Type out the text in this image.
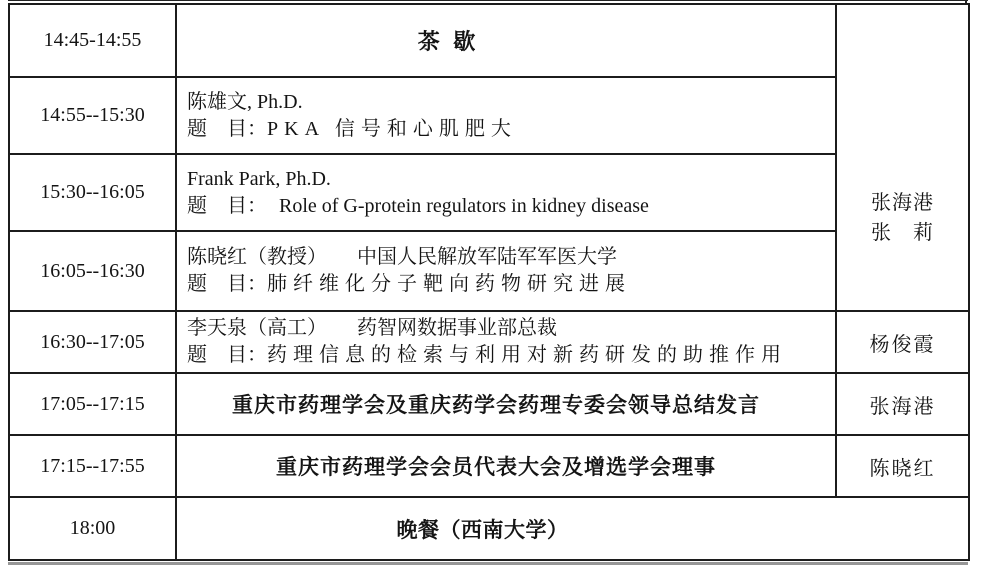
14:45-14:55	茶 歇	张海港
张　莉

14:55--15:30	陈雄文, Ph.D.
题　目：PKA 信号和心肌肥大	

15:30--16:05	Frank Park, Ph.D.
题　目： Role of G-protein regulators in kidney disease	

16:05--16:30	陈晓红（教授）　　中国人民解放军陆军军医大学
题　目：肺纤维化分子靶向药物研究进展	

16:30--17:05	李天泉（高工）　　药智网数据事业部总裁
题　目：药理信息的检索与利用对新药研发的助推作用	杨俊霞
17:05--17:15	重庆市药理学会及重庆药学会药理专委会领导总结发言	张海港
17:15--17:55	重庆市药理学会会员代表大会及增选学会理事	陈晓红
18:00	晚餐（西南大学）	
